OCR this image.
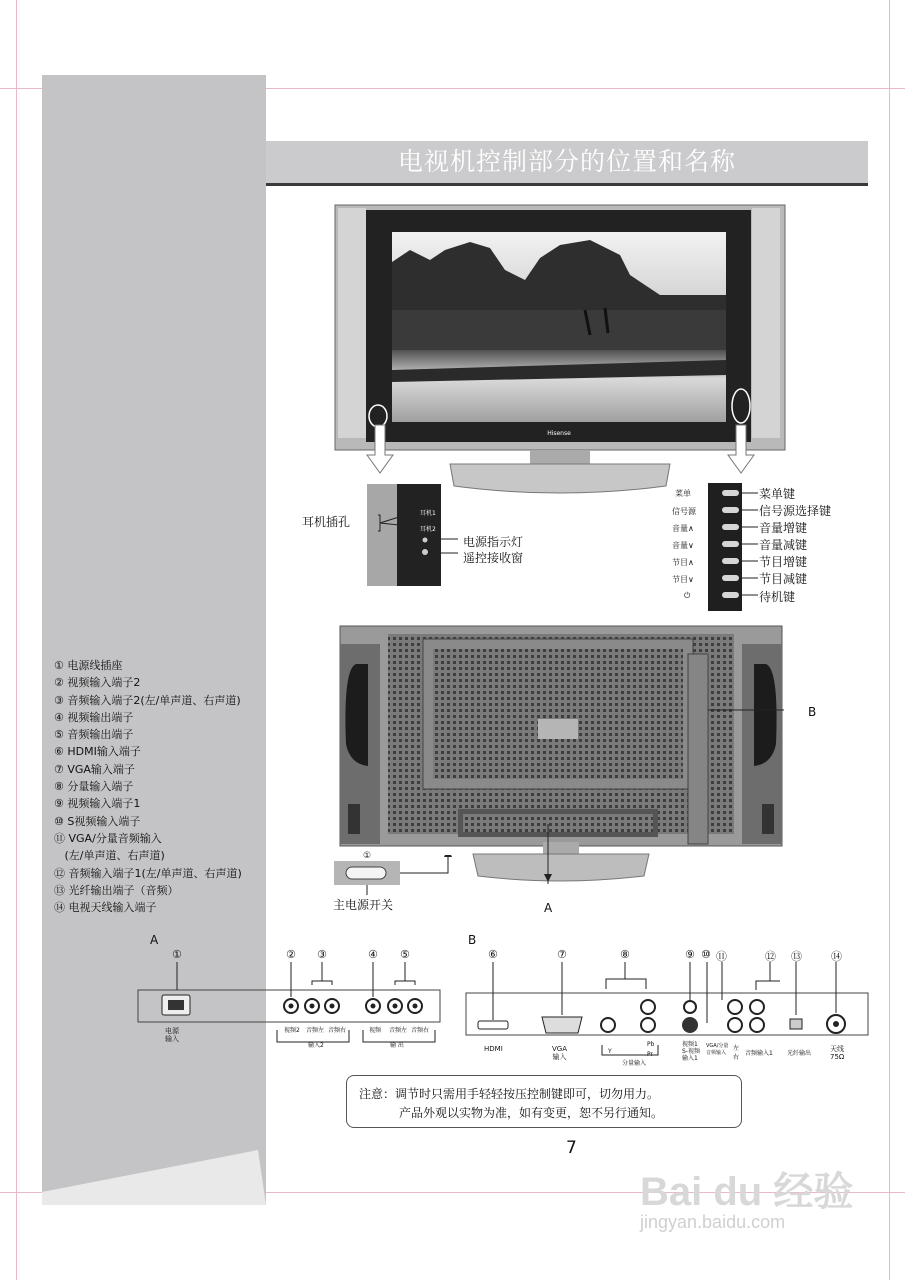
电视机控制部分的位置和名称
Hisense
耳机1
耳机2
耳机插孔
电源指示灯
遥控接收窗
菜单
信号源
音量∧
音量∨
节目∧
节目∨
⏻
菜单键
信号源选择键
音量增键
音量减键
节目增键
节目减键
待机键
B
A
①
主电源开关
① 电源线插座
② 视频输入端子2
③ 音频输入端子2(左/单声道、右声道)
④ 视频输出端子
⑤ 音频输出端子
⑥ HDMI输入端子
⑦ VGA输入端子
⑧ 分量输入端子
⑨ 视频输入端子1
⑩ S视频输入端子
⑪ VGA/分量音频输入
(左/单声道、右声道)
⑫ 音频输入端子1(左/单声道、右声道)
⑬ 光纤输出端子（音频）
⑭ 电视天线输入端子
A
①	② ③	④ ⑤
电源
输入
视频2 音频左 音频右	视频 音频左 音频右
输入2	输 出
B
⑥	⑦	⑧	⑨ ⑩ ⑪	⑫ ⑬	⑭
HDMI	VGA
输入
Y
Pb
Pr
分量输入
视频1
S-视频
输入1
VGA/分量
音频输入
左
右
音频输入1 光纤输出
天线
75Ω
注意：调节时只需用手轻轻按压控制键即可，切勿用力。
产品外观以实物为准，如有变更，恕不另行通知。
7
Bai du 经验
jingyan.baidu.com
